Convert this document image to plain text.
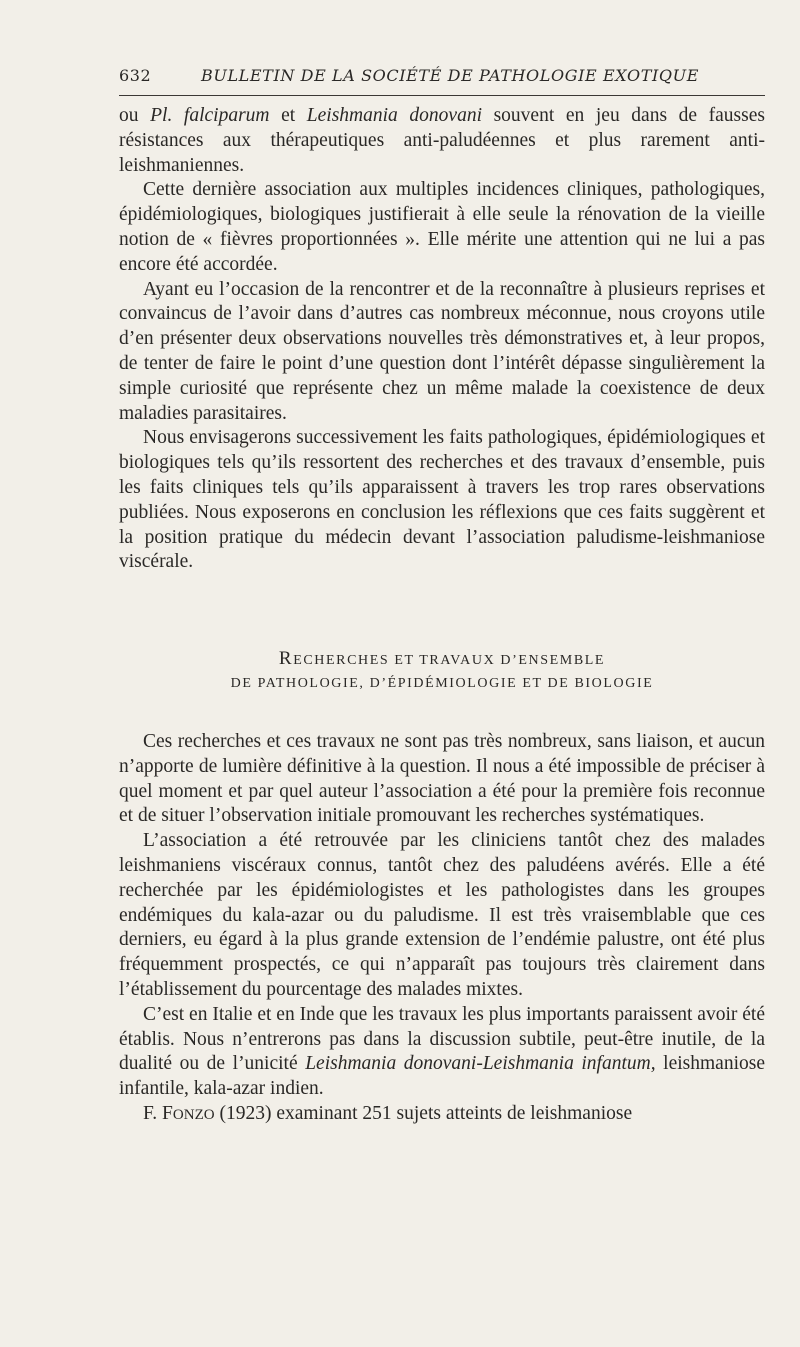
632	BULLETIN DE LA SOCIÉTÉ DE PATHOLOGIE EXOTIQUE

ou Pl. falciparum et Leishmania donovani souvent en jeu dans de fausses résistances aux thérapeutiques anti-paludéennes et plus rarement anti-leishmaniennes.

Cette dernière association aux multiples incidences cliniques, pathologiques, épidémiologiques, biologiques justifierait à elle seule la rénovation de la vieille notion de « fièvres proportionnées ». Elle mérite une attention qui ne lui a pas encore été accordée.

Ayant eu l’occasion de la rencontrer et de la reconnaître à plusieurs reprises et convaincus de l’avoir dans d’autres cas nombreux méconnue, nous croyons utile d’en présenter deux observations nouvelles très démonstratives et, à leur propos, de tenter de faire le point d’une question dont l’intérêt dépasse singulièrement la simple curiosité que représente chez un même malade la coexistence de deux maladies parasitaires.

Nous envisagerons successivement les faits pathologiques, épidémiologiques et biologiques tels qu’ils ressortent des recherches et des travaux d’ensemble, puis les faits cliniques tels qu’ils apparaissent à travers les trop rares observations publiées. Nous exposerons en conclusion les réflexions que ces faits suggèrent et la position pratique du médecin devant l’association paludisme-leishmaniose viscérale.

RECHERCHES ET TRAVAUX D’ENSEMBLE
DE PATHOLOGIE, D’ÉPIDÉMIOLOGIE ET DE BIOLOGIE

Ces recherches et ces travaux ne sont pas très nombreux, sans liaison, et aucun n’apporte de lumière définitive à la question. Il nous a été impossible de préciser à quel moment et par quel auteur l’association a été pour la première fois reconnue et de situer l’observation initiale promouvant les recherches systématiques.

L’association a été retrouvée par les cliniciens tantôt chez des malades leishmaniens viscéraux connus, tantôt chez des paludéens avérés. Elle a été recherchée par les épidémiologistes et les pathologistes dans les groupes endémiques du kala-azar ou du paludisme. Il est très vraisemblable que ces derniers, eu égard à la plus grande extension de l’endémie palustre, ont été plus fréquemment prospectés, ce qui n’apparaît pas toujours très clairement dans l’établissement du pourcentage des malades mixtes.

C’est en Italie et en Inde que les travaux les plus importants paraissent avoir été établis. Nous n’entrerons pas dans la discussion subtile, peut-être inutile, de la dualité ou de l’unicité Leishmania donovani-Leishmania infantum, leishmaniose infantile, kala-azar indien.

F. FONZO (1923) examinant 251 sujets atteints de leishmaniose
